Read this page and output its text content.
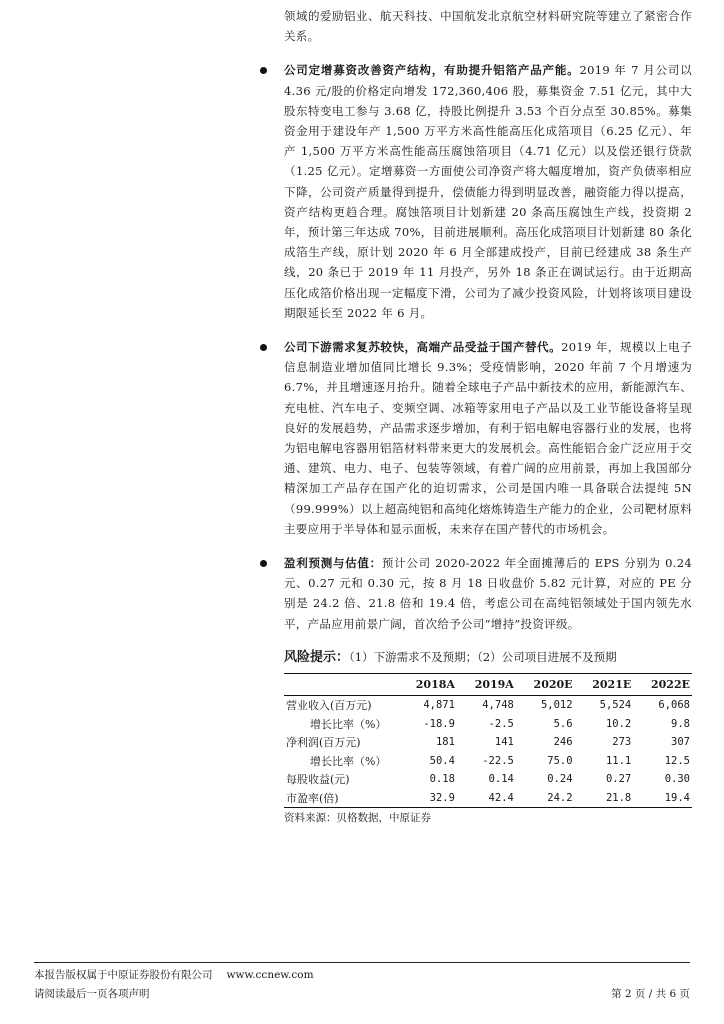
领域的爱励铝业、航天科技、中国航发北京航空材料研究院等建立了紧密合作关系。

公司定增募资改善资产结构，有助提升铝箔产品产能。2019 年 7 月公司以 4.36 元/股的价格定向增发 172,360,406 股，募集资金 7.51 亿元，其中大股东特变电工参与 3.68 亿，持股比例提升 3.53 个百分点至 30.85%。募集资金用于建设年产 1,500 万平方米高性能高压化成箔项目（6.25 亿元）、年产 1,500 万平方米高性能高压腐蚀箔项目（4.71 亿元）以及偿还银行贷款（1.25 亿元）。定增募资一方面使公司净资产将大幅度增加，资产负债率相应下降，公司资产质量得到提升，偿债能力得到明显改善，融资能力得以提高，资产结构更趋合理。腐蚀箔项目计划新建 20 条高压腐蚀生产线，投资期 2 年，预计第三年达成 70%，目前进展顺利。高压化成箔项目计划新建 80 条化成箔生产线，原计划 2020 年 6 月全部建成投产，目前已经建成 38 条生产线，20 条已于 2019 年 11 月投产，另外 18 条正在调试运行。由于近期高压化成箔价格出现一定幅度下滑，公司为了减少投资风险，计划将该项目建设期限延长至 2022 年 6 月。

公司下游需求复苏较快，高端产品受益于国产替代。2019 年，规模以上电子信息制造业增加值同比增长 9.3%；受疫情影响，2020 年前 7 个月增速为 6.7%，并且增速逐月抬升。随着全球电子产品中新技术的应用，新能源汽车、充电桩、汽车电子、变频空调、冰箱等家用电子产品以及工业节能设备将呈现良好的发展趋势，产品需求逐步增加，有利于铝电解电容器行业的发展，也将为铝电解电容器用铝箔材料带来更大的发展机会。高性能铝合金广泛应用于交通、建筑、电力、电子、包装等领域，有着广阔的应用前景，再加上我国部分精深加工产品存在国产化的迫切需求，公司是国内唯一具备联合法提纯 5N（99.999%）以上超高纯铝和高纯化熔炼铸造生产能力的企业，公司靶材原料主要应用于半导体和显示面板，未来存在国产替代的市场机会。

盈利预测与估值：预计公司 2020-2022 年全面摊薄后的 EPS 分别为 0.24 元、0.27 元和 0.30 元，按 8 月 18 日收盘价 5.82 元计算，对应的 PE 分别是 24.2 倍、21.8 倍和 19.4 倍，考虑公司在高纯铝领域处于国内领先水平，产品应用前景广阔，首次给予公司“增持”投资评级。

风险提示：（1）下游需求不及预期；（2）公司项目进展不及预期
	2018A	2019A	2020E	2021E	2022E
营业收入(百万元)	4,871	4,748	5,012	5,524	6,068
增长比率（%）	-18.9	-2.5	5.6	10.2	9.8
净利润(百万元)	181	141	246	273	307
增长比率（%）	50.4	-22.5	75.0	11.1	12.5
每股收益(元)	0.18	0.14	0.24	0.27	0.30
市盈率(倍)	32.9	42.4	24.2	21.8	19.4
资料来源：贝格数据，中原证券
本报告版权属于中原证券股份有限公司 www.ccnew.com
请阅读最后一页各项声明	第 2 页 / 共 6 页
